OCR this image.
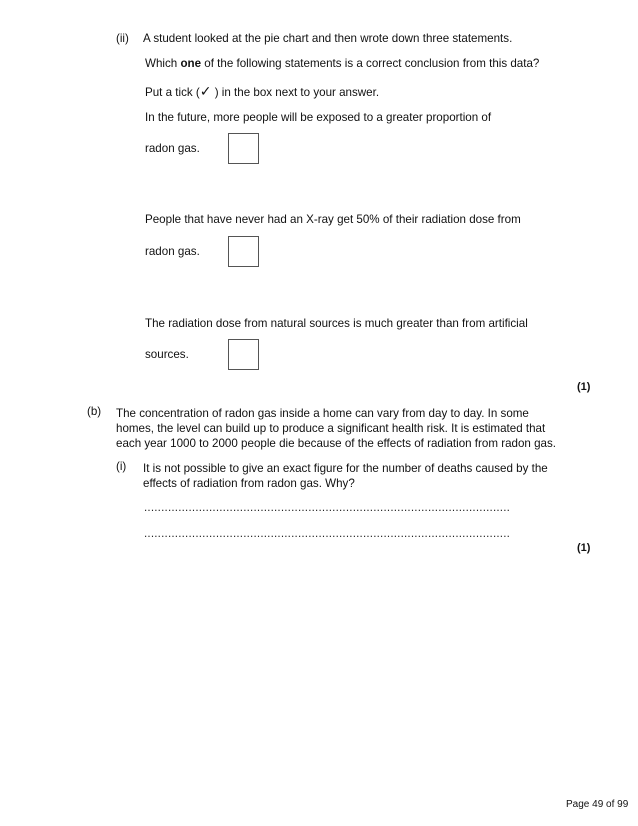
(ii) A student looked at the pie chart and then wrote down three statements.
Which one of the following statements is a correct conclusion from this data?
Put a tick (✓ ) in the box next to your answer.
In the future, more people will be exposed to a greater proportion of
radon gas.
People that have never had an X-ray get 50% of their radiation dose from
radon gas.
The radiation dose from natural sources is much greater than from artificial
sources.
(1)
(b) The concentration of radon gas inside a home can vary from day to day. In some homes, the level can build up to produce a significant health risk. It is estimated that each year 1000 to 2000 people die because of the effects of radiation from radon gas.
(i) It is not possible to give an exact figure for the number of deaths caused by the effects of radiation from radon gas. Why?
...........................................................................................................
...........................................................................................................
(1)
Page 49 of 99
